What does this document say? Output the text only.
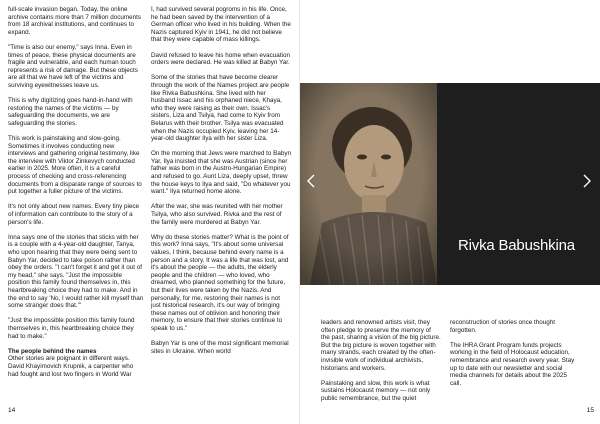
full-scale invasion began. Today, the online archive contains more than 7 million documents from 18 archival institutions, and continues to expand.

"Time is also our enemy," says Inna. Even in times of peace, these physical documents are fragile and vulnerable, and each human touch represents a risk of damage. But these objects are all that we have left of the victims and surviving eyewitnesses leave us.

This is why digitizing goes hand-in-hand with restoring the names of the victims — by safeguarding the documents, we are safeguarding the stories.

This work is painstaking and slow-going. Sometimes it involves conducting new interviews and gathering original testimony, like the interview with Viktor Zinkevych conducted earlier in 2025. More often, it is a careful process of checking and cross-referencing documents from a disparate range of sources to put together a fuller picture of the victims.

It's not only about new names. Every tiny piece of information can contribute to the story of a person's life.

Inna says one of the stories that sticks with her is a couple with a 4-year-old daughter, Tanya, who upon hearing that they were being sent to Babyn Yar, decided to take poison rather than obey the orders. "I can't forget it and get it out of my head," she says. "Just the impossible position this family found themselves in, this heartbreaking choice they had to make. And in the end to say 'No, I would rather kill myself than some stranger does that.'"

"Just the impossible position this family found themselves in, this heartbreaking choice they had to make."

The people behind the names

Other stories are poignant in different ways. David Khayimovich Krupnik, a carpenter who had fought and lost two fingers in World War

I, had survived several pogroms in his life. Once, he had been saved by the intervention of a German officer who lived in his building. When the Nazis captured Kyiv in 1941, he did not believe that they were capable of mass killings.

David refused to leave his home when evacuation orders were declared. He was killed at Babyn Yar.

Some of the stories that have become clearer through the work of the Names project are people like Rivka Babushkina. She lived with her husband Issac and his orphaned niece, Khaya, who they were raising as their own. Issac's sisters, Liza and Tsilya, had come to Kyiv from Belarus with their brother. Tsilya was evacuated when the Nazis occupied Kyiv, leaving her 14-year-old daughter Ilya with her sister Liza.

On the morning that Jews were marched to Babyn Yar, Ilya insisted that she was Austrian (since her father was born in the Austro-Hungarian Empire) and refused to go. Aunt Liza, deeply upset, threw the house keys to Ilya and said, "Do whatever you want." Ilya returned home alone.

After the war, she was reunited with her mother Tsilya, who also survived. Rivka and the rest of the family were murdered at Babyn Yar.

Why do these stories matter? What is the point of this work? Inna says, "It's about some universal values, I think, because behind every name is a person and a story. It was a life that was lost, and it's about the people — the adults, the elderly people and the children — who loved, who dreamed, who planned something for the future, but their lives were taken by the Nazis. And personally, for me, restoring their names is not just historical research, it's our way of bringing these names out of oblivion and honoring their memory, to ensure that their stories continue to speak to us."

Babyn Yar is one of the most significant memorial sites in Ukraine. When world

14

leaders and renowned artists visit, they often pledge to preserve the memory of the past, sharing a vision of the big picture. But the big picture is woven together with many strands, each created by the often-invisible work of individual archivists, historians and workers.

Painstaking and slow, this work is what sustains Holocaust memory — not only public remembrance, but the quiet

reconstruction of stories once thought forgotten.

The IHRA Grant Program funds projects working in the field of Holocaust education, remembrance and research every year. Stay up to date with our newsletter and social media channels for details about the 2025 call.

15
Rivka Babushkina
